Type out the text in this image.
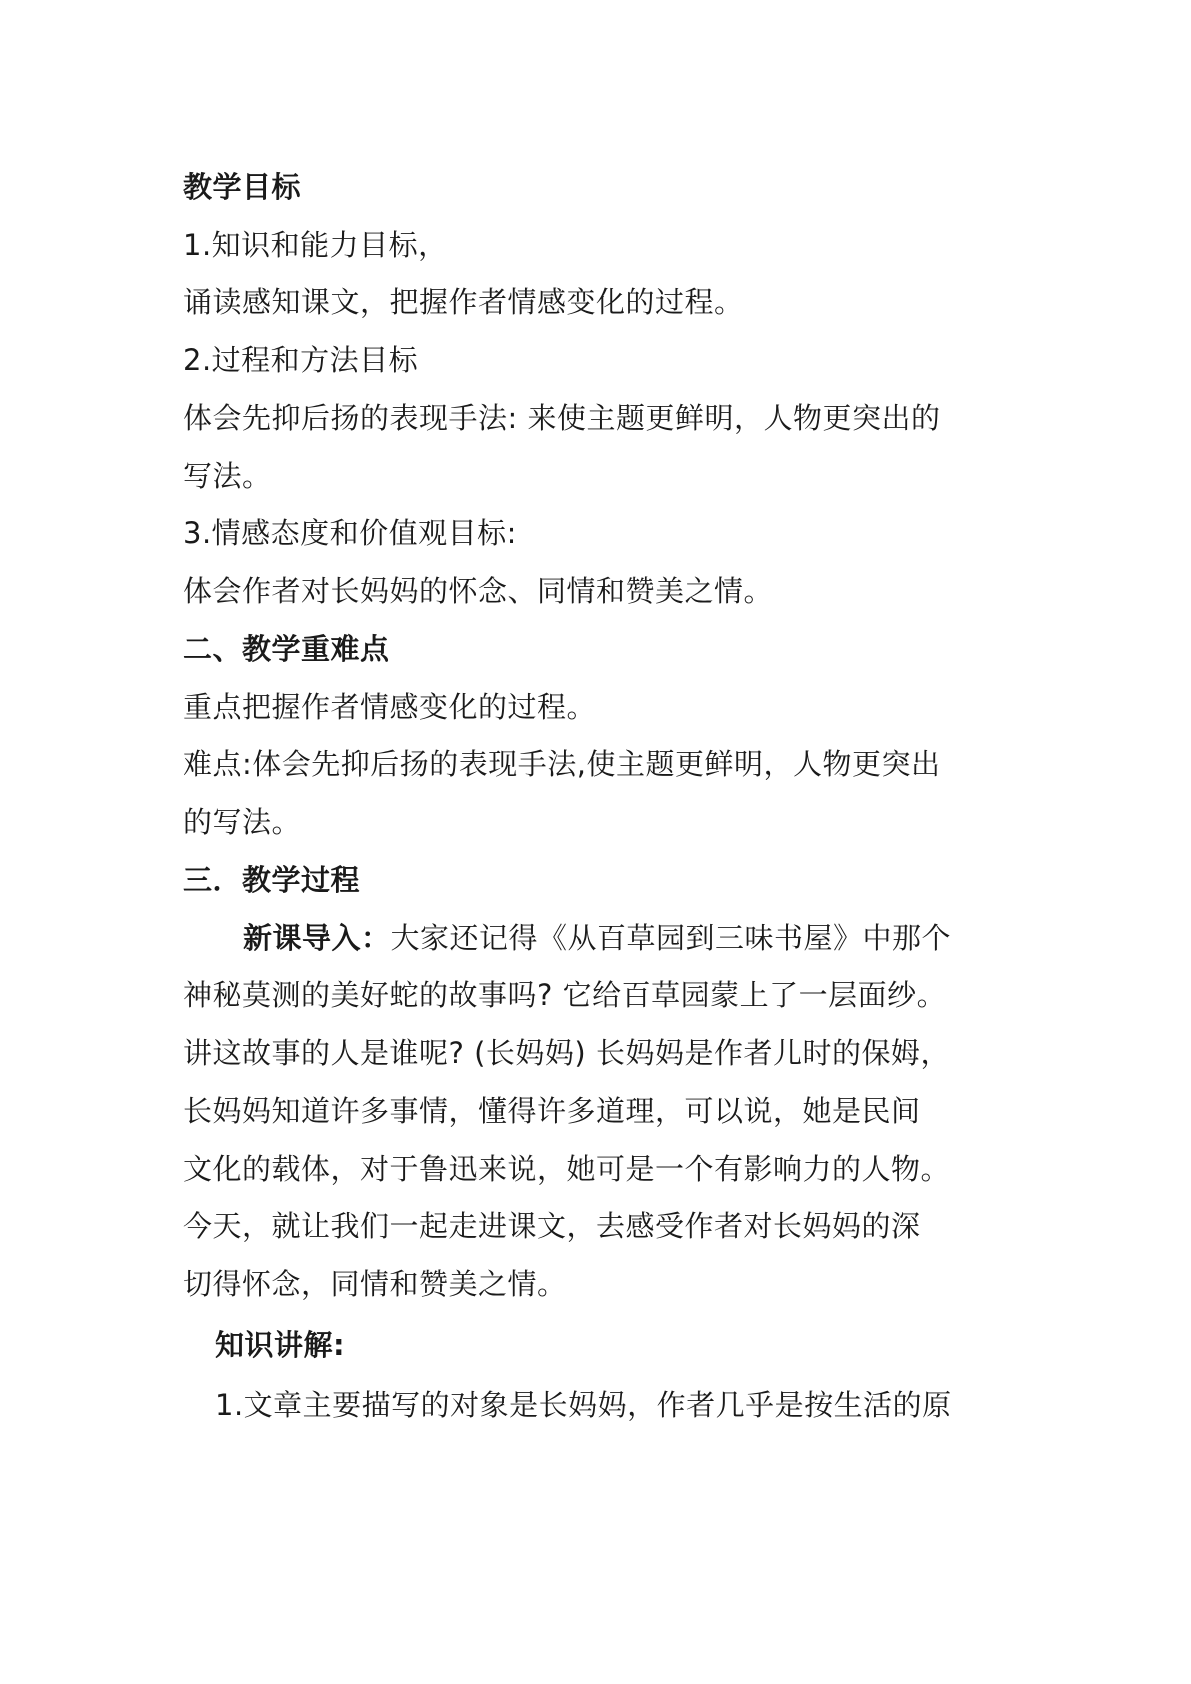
教学目标
1.知识和能力目标，
诵读感知课文，把握作者情感变化的过程。
2.过程和方法目标
体会先抑后扬的表现手法: 来使主题更鲜明，人物更突出的
写法。
3.情感态度和价值观目标:
体会作者对长妈妈的怀念、同情和赞美之情。
二、教学重难点
重点把握作者情感变化的过程。
难点:体会先抑后扬的表现手法,使主题更鲜明，人物更突出
的写法。
三．教学过程
新课导入：大家还记得《从百草园到三味书屋》中那个
神秘莫测的美好蛇的故事吗? 它给百草园蒙上了一层面纱。
讲这故事的人是谁呢? (长妈妈) 长妈妈是作者儿时的保姆，
长妈妈知道许多事情，懂得许多道理，可以说，她是民间
文化的载体，对于鲁迅来说，她可是一个有影响力的人物。
今天，就让我们一起走进课文，去感受作者对长妈妈的深
切得怀念，同情和赞美之情。
知识讲解:
1.文章主要描写的对象是长妈妈，作者几乎是按生活的原
